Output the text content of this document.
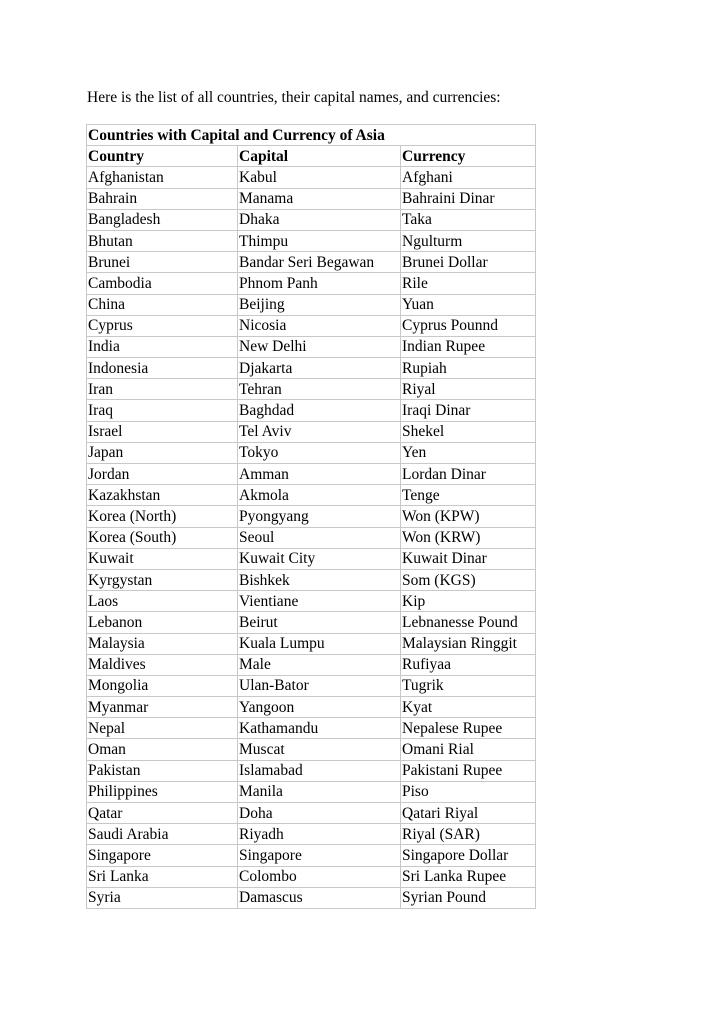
Here is the list of all countries, their capital names, and currencies:
Countries with Capital and Currency of Asia		
Country	Capital	Currency
Afghanistan	Kabul	Afghani
Bahrain	Manama	Bahraini Dinar
Bangladesh	Dhaka	Taka
Bhutan	Thimpu	Ngulturm
Brunei	Bandar Seri Begawan	Brunei Dollar
Cambodia	Phnom Panh	Rile
China	Beijing	Yuan
Cyprus	Nicosia	Cyprus Pounnd
India	New Delhi	Indian Rupee
Indonesia	Djakarta	Rupiah
Iran	Tehran	Riyal
Iraq	Baghdad	Iraqi Dinar
Israel	Tel Aviv	Shekel
Japan	Tokyo	Yen
Jordan	Amman	Lordan Dinar
Kazakhstan	Akmola	Tenge
Korea (North)	Pyongyang	Won (KPW)
Korea (South)	Seoul	Won (KRW)
Kuwait	Kuwait City	Kuwait Dinar
Kyrgystan	Bishkek	Som (KGS)
Laos	Vientiane	Kip
Lebanon	Beirut	Lebnanesse Pound
Malaysia	Kuala Lumpu	Malaysian Ringgit
Maldives	Male	Rufiyaa
Mongolia	Ulan-Bator	Tugrik
Myanmar	Yangoon	Kyat
Nepal	Kathamandu	Nepalese Rupee
Oman	Muscat	Omani Rial
Pakistan	Islamabad	Pakistani Rupee
Philippines	Manila	Piso
Qatar	Doha	Qatari Riyal
Saudi Arabia	Riyadh	Riyal (SAR)
Singapore	Singapore	Singapore Dollar
Sri Lanka	Colombo	Sri Lanka Rupee
Syria	Damascus	Syrian Pound
